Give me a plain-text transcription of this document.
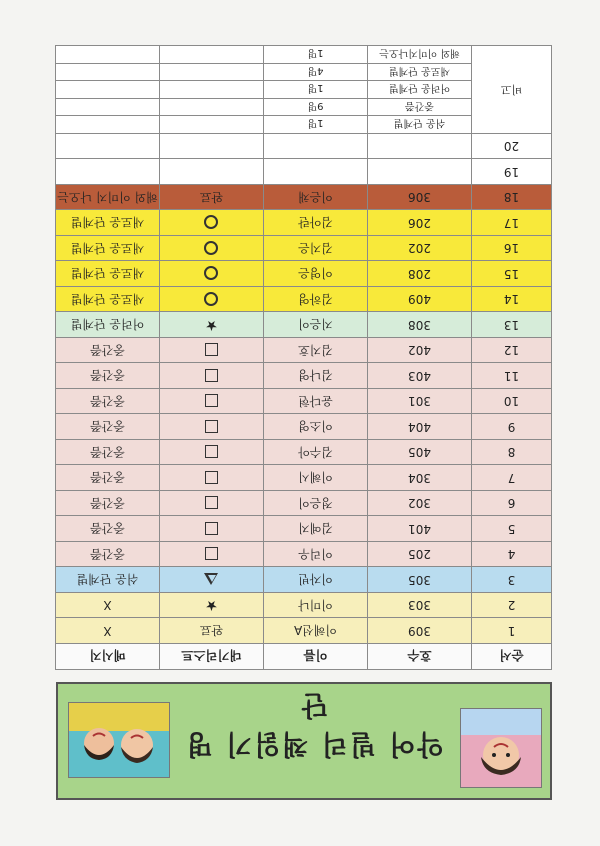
악어 빌리 책읽기 명단
순서	호수	이름	대기리스트	메시지
1	309	이혜선A	완료	X
2	303	이미나	★	X
3	305	이자빈		쉬운 단계별
4	205	이리우		중간쯤
5	401	김예지		중간쯤
6	302	정은이		중간쯤
7	304	이혜시		중간쯤
8	405	김수아		중간쯤
9	404	이소영		중간쯤
10	301	윤다현		중간쯤
11	403	김나영		중간쯤
12	402	김지호		중간쯤
13	308	지은이	★	어려운 단계별
14	409	김하영		새로운 단계별
15	208	이영은		새로운 단계별
16	202	김지은		새로운 단계별
17	206	김아란		새로운 단계별
18	306	이은채	완료	해외 이미지 나오는
19				
20				
비고	쉬운 단계별	1명		
	중간쯤	9명		
	어려운 단계별	1명		
	새로운 단계별	4명		
	해외 이미지나오는	1명		
